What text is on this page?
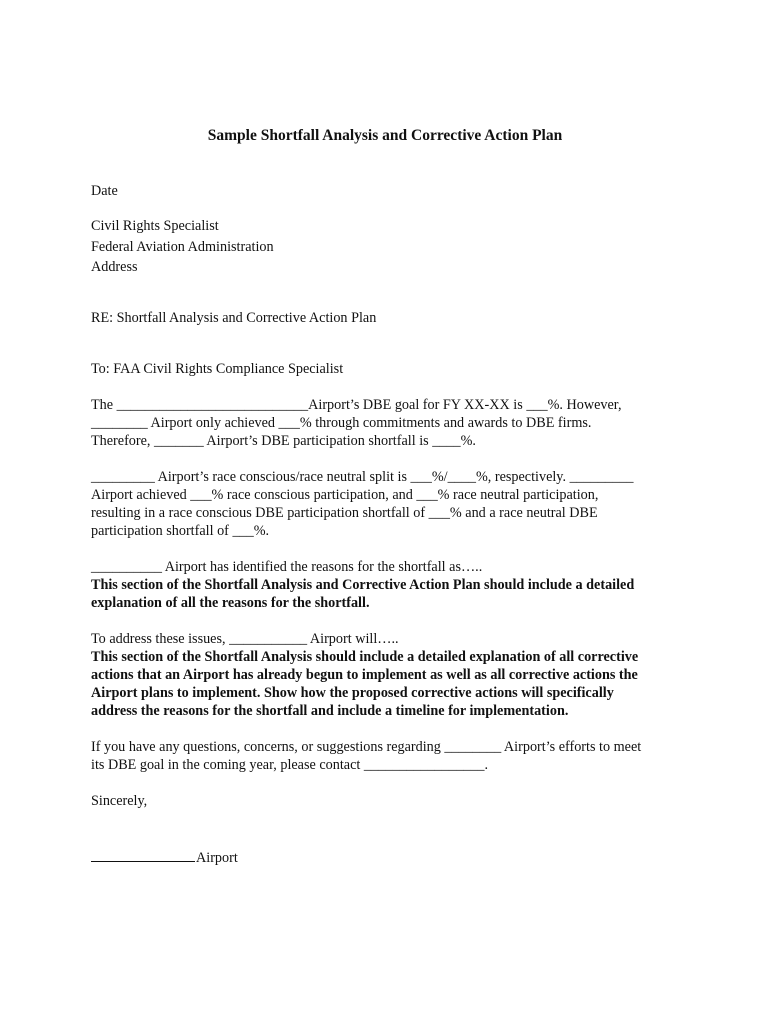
Sample Shortfall Analysis and Corrective Action Plan
Date
Civil Rights Specialist
Federal Aviation Administration
Address
RE: Shortfall Analysis and Corrective Action Plan
To: FAA Civil Rights Compliance Specialist
The ___________________________Airport’s DBE goal for FY XX-XX is ___%. However,
________ Airport only achieved ___% through commitments and awards to DBE firms.
Therefore, _______ Airport’s DBE participation shortfall is ____%.
_________ Airport’s race conscious/race neutral split is ___%/____%, respectively. _________
Airport achieved ___% race conscious participation, and ___% race neutral participation,
resulting in a race conscious DBE participation shortfall of ___% and a race neutral DBE
participation shortfall of ___%.
__________ Airport has identified the reasons for the shortfall as…..
This section of the Shortfall Analysis and Corrective Action Plan should include a detailed
explanation of all the reasons for the shortfall.
To address these issues, ___________ Airport will…..
This section of the Shortfall Analysis should include a detailed explanation of all corrective
actions that an Airport has already begun to implement as well as all corrective actions the
Airport plans to implement. Show how the proposed corrective actions will specifically
address the reasons for the shortfall and include a timeline for implementation.
If you have any questions, concerns, or suggestions regarding ________ Airport’s efforts to meet
its DBE goal in the coming year, please contact _________________.
Sincerely,
Airport
